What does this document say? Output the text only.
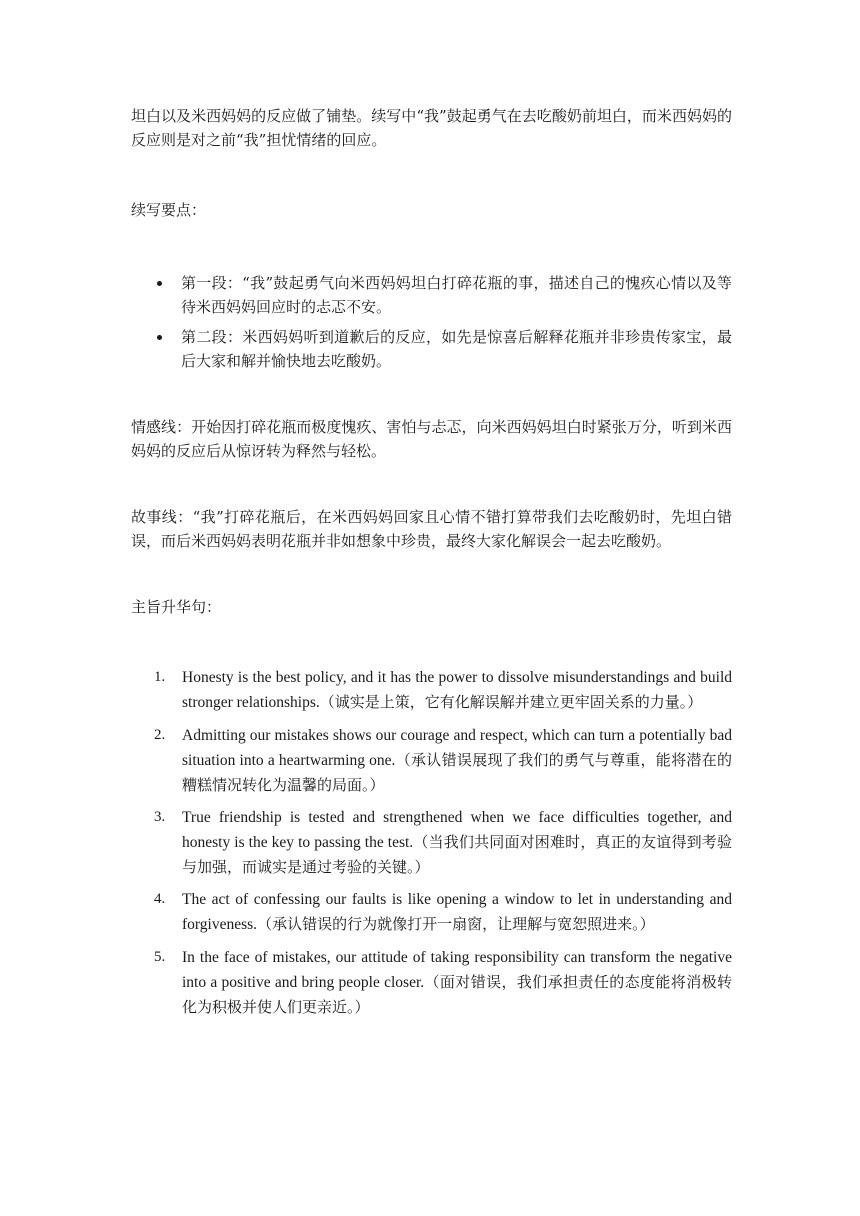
坦白以及米西妈妈的反应做了铺垫。续写中“我”鼓起勇气在去吃酸奶前坦白，而米西妈妈的反应则是对之前“我”担忧情绪的回应。

续写要点：

第一段：“我”鼓起勇气向米西妈妈坦白打碎花瓶的事，描述自己的愧疚心情以及等待米西妈妈回应时的忐忑不安。
第二段：米西妈妈听到道歉后的反应，如先是惊喜后解释花瓶并非珍贵传家宝，最后大家和解并愉快地去吃酸奶。

情感线：开始因打碎花瓶而极度愧疚、害怕与忐忑，向米西妈妈坦白时紧张万分，听到米西妈妈的反应后从惊讶转为释然与轻松。

故事线：“我”打碎花瓶后，在米西妈妈回家且心情不错打算带我们去吃酸奶时，先坦白错误，而后米西妈妈表明花瓶并非如想象中珍贵，最终大家化解误会一起去吃酸奶。

主旨升华句：

1. Honesty is the best policy, and it has the power to dissolve misunderstandings and build stronger relationships.（诚实是上策，它有化解误解并建立更牢固关系的力量。）
2. Admitting our mistakes shows our courage and respect, which can turn a potentially bad situation into a heartwarming one.（承认错误展现了我们的勇气与尊重，能将潜在的糟糕情况转化为温馨的局面。）
3. True friendship is tested and strengthened when we face difficulties together, and honesty is the key to passing the test.（当我们共同面对困难时，真正的友谊得到考验与加强，而诚实是通过考验的关键。）
4. The act of confessing our faults is like opening a window to let in understanding and forgiveness.（承认错误的行为就像打开一扇窗，让理解与宽恕照进来。）
5. In the face of mistakes, our attitude of taking responsibility can transform the negative into a positive and bring people closer.（面对错误，我们承担责任的态度能将消极转化为积极并使人们更亲近。）
